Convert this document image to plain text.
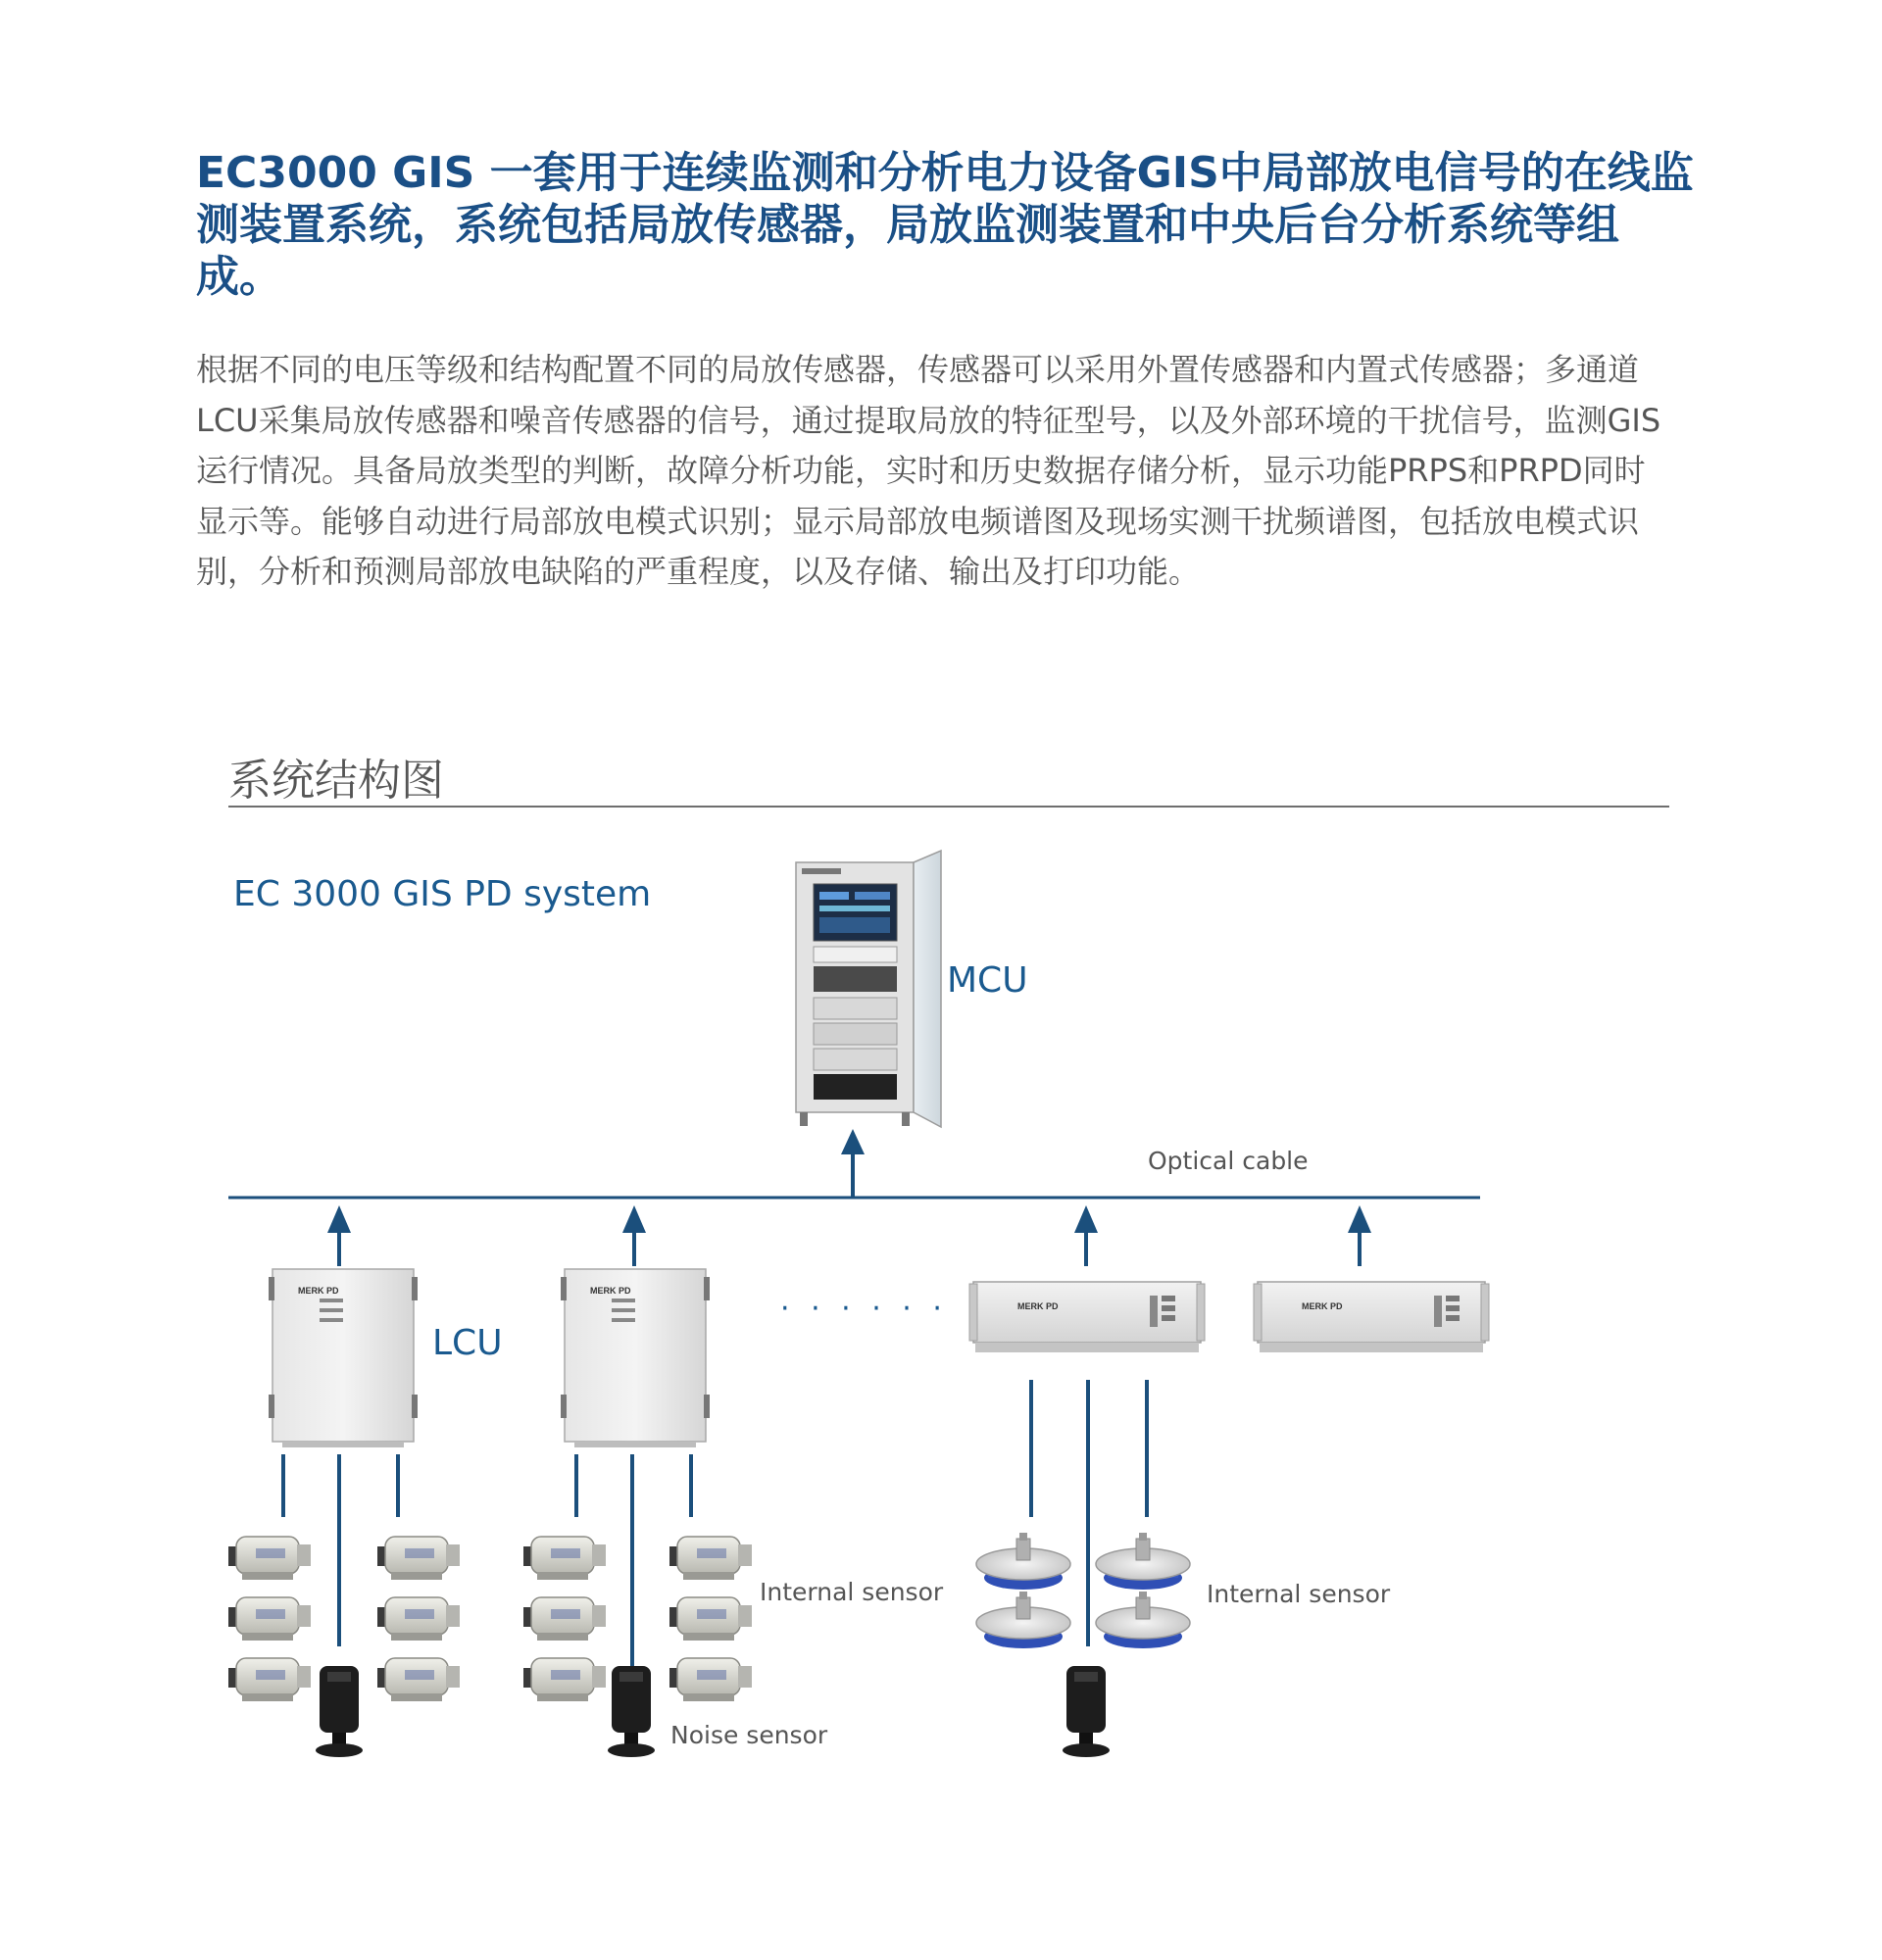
EC3000 GIS 一套用于连续监测和分析电力设备GIS中局部放电信号的在线监测装置系统，系统包括局放传感器，局放监测装置和中央后台分析系统等组成。

根据不同的电压等级和结构配置不同的局放传感器，传感器可以采用外置传感器和内置式传感器；多通道LCU采集局放传感器和噪音传感器的信号，通过提取局放的特征型号，以及外部环境的干扰信号，监测GIS运行情况。具备局放类型的判断，故障分析功能，实时和历史数据存储分析，显示功能PRPS和PRPD同时显示等。能够自动进行局部放电模式识别；显示局部放电频谱图及现场实测干扰频谱图，包括放电模式识别，分析和预测局部放电缺陷的严重程度，以及存储、输出及打印功能。

系统结构图
EC 3000 GIS PD system
MERK PD	MERK PD
MERK PD	MERK PD
MCU
LCU
Optical cable
· · · · · ·
Internal sensor	Internal sensor
Noise sensor
